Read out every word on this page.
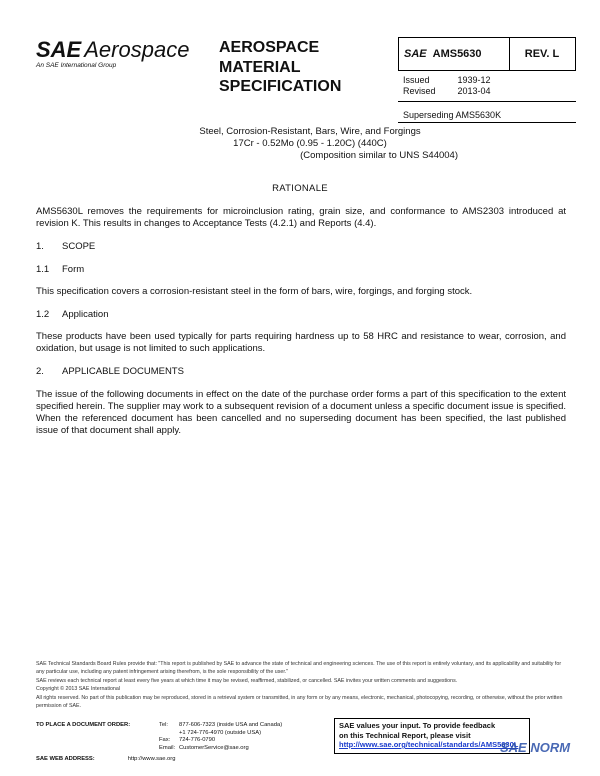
SAE Aerospace
An SAE International Group
AEROSPACE
MATERIAL
SPECIFICATION
SAE AMS5630	REV. L
Issued	1939-12
Revised	2013-04
Superseding AMS5630K
Steel, Corrosion-Resistant, Bars, Wire, and Forgings
17Cr - 0.52Mo (0.95 - 1.20C) (440C)
(Composition similar to UNS S44004)
RATIONALE
AMS5630L removes the requirements for microinclusion rating, grain size, and conformance to AMS2303 introduced at revision K. This results in changes to Acceptance Tests (4.2.1) and Reports (4.4).
1. SCOPE
1.1 Form
This specification covers a corrosion-resistant steel in the form of bars, wire, forgings, and forging stock.
1.2 Application
These products have been used typically for parts requiring hardness up to 58 HRC and resistance to wear, corrosion, and oxidation, but usage is not limited to such applications.
2. APPLICABLE DOCUMENTS
The issue of the following documents in effect on the date of the purchase order forms a part of this specification to the extent specified herein. The supplier may work to a subsequent revision of a document unless a specific document issue is specified. When the referenced document has been cancelled and no superseding document has been specified, the last published issue of that document shall apply.
SAE Technical Standards Board Rules provide that: "This report is published by SAE to advance the state of technical and engineering sciences. The use of this report is entirely voluntary, and its applicability and suitability for any particular use, including any patent infringement arising therefrom, is the sole responsibility of the user."
SAE reviews each technical report at least every five years at which time it may be revised, reaffirmed, stabilized, or cancelled. SAE invites your written comments and suggestions.
Copyright © 2013 SAE International
All rights reserved. No part of this publication may be reproduced, stored in a retrieval system or transmitted, in any form or by any means, electronic, mechanical, photocopying, recording, or otherwise, without the prior written permission of SAE.
TO PLACE A DOCUMENT ORDER:	Tel:	877-606-7323 (inside USA and Canada)
		+1 724-776-4970 (outside USA)
	Fax:	724-776-0790
	Email:	CustomerService@sae.org
SAE WEB ADDRESS:	http://www.sae.org
SAE values your input. To provide feedback
on this Technical Report, please visit
http://www.sae.org/technical/standards/AMS5630L
SAE NORM
